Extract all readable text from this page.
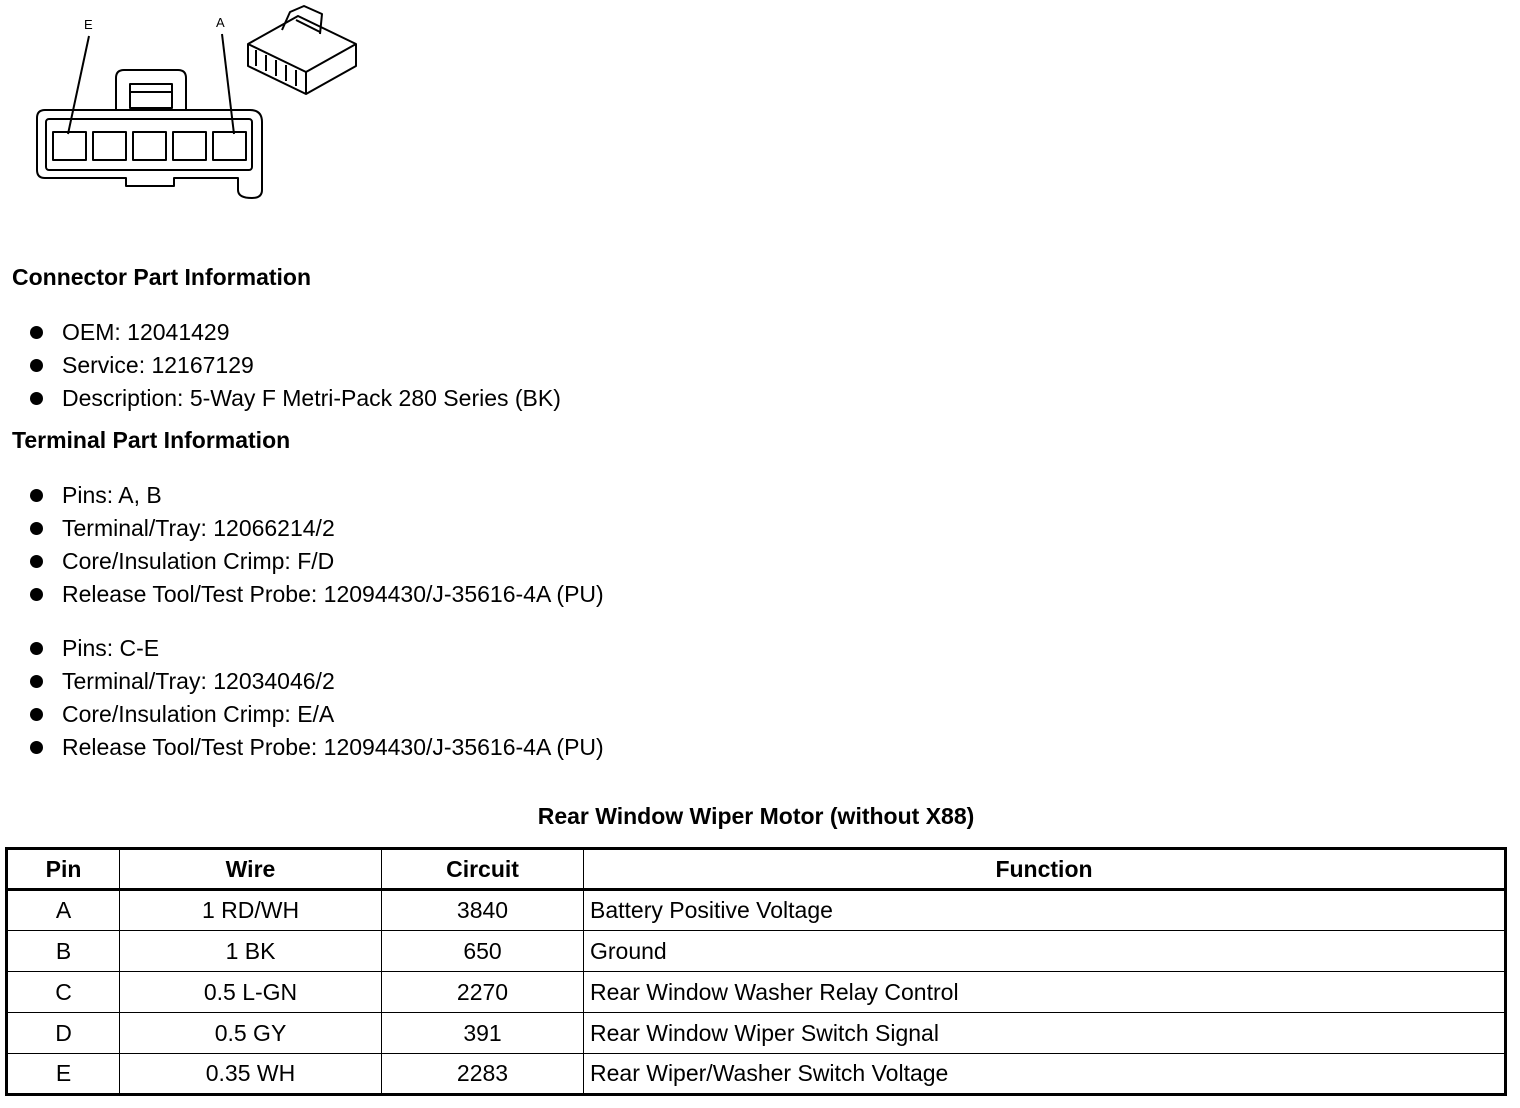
E	A
Connector Part Information
OEM: 12041429
Service: 12167129
Description: 5-Way F Metri-Pack 280 Series (BK)
Terminal Part Information
Pins: A, B
Terminal/Tray: 12066214/2
Core/Insulation Crimp: F/D
Release Tool/Test Probe: 12094430/J-35616-4A (PU)
Pins: C-E
Terminal/Tray: 12034046/2
Core/Insulation Crimp: E/A
Release Tool/Test Probe: 12094430/J-35616-4A (PU)
Rear Window Wiper Motor (without X88)
Pin	Wire	Circuit	Function
A	1 RD/WH	3840	Battery Positive Voltage
B	1 BK	650	Ground
C	0.5 L-GN	2270	Rear Window Washer Relay Control
D	0.5 GY	391	Rear Window Wiper Switch Signal
E	0.35 WH	2283	Rear Wiper/Washer Switch Voltage
